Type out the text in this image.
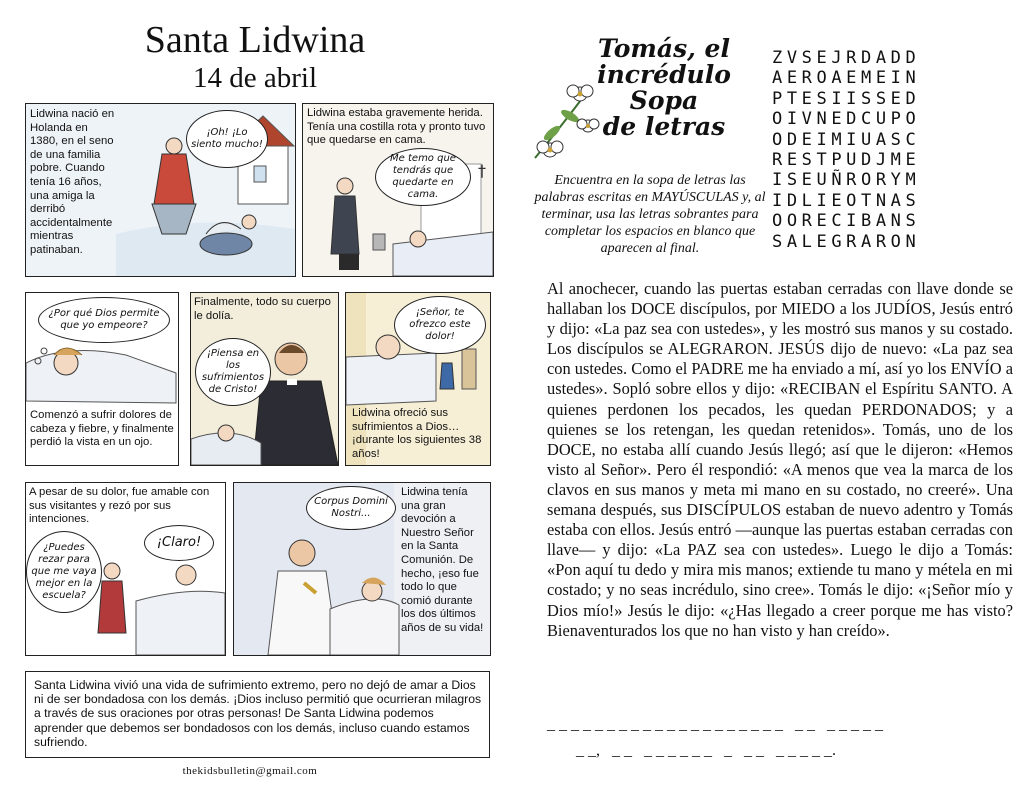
Santa Lidwina
14 de abril
Lidwina nació en Holanda en 1380, en el seno de una familia pobre. Cuando tenía 16 años, una amiga la derribó accidentalmente mientras patinaban.
¡Oh! ¡Lo siento mucho!
†
Lidwina estaba gravemente herida. Tenía una costilla rota y pronto tuvo que quedarse en cama.
Me temo que tendrás que quedarte en cama.
¿Por qué Dios permite que yo empeore?
Comenzó a sufrir dolores de cabeza y fiebre, y finalmente perdió la vista en un ojo.
Finalmente, todo su cuerpo le dolía.
¡Piensa en los sufrimientos de Cristo!
¡Señor, te ofrezco este dolor!
Lidwina ofreció sus sufrimientos a Dios… ¡durante los siguientes 38 años!
A pesar de su dolor, fue amable con sus visitantes y rezó por sus intenciones.
¿Puedes rezar para que me vaya mejor en la escuela?
¡Claro!
Corpus Domini Nostri...
Lidwina tenía una gran devoción a Nuestro Señor en la Santa Comunión. De hecho, ¡eso fue todo lo que comió durante los dos últimos años de su vida!
Santa Lidwina vivió una vida de sufrimiento extremo, pero no dejó de amar a Dios ni de ser bondadosa con los demás. ¡Dios incluso permitió que ocurrieran milagros a través de sus oraciones por otras personas! De Santa Lidwina podemos aprender que debemos ser bondadosos con los demás, incluso cuando estamos sufriendo.
thekidsbulletin@gmail.com
Tomás, el
incrédulo
Sopa
de letras
Encuentra en la sopa de letras las palabras escritas en MAYÚSCULAS y, al terminar, usa las letras sobrantes para completar los espacios en blanco que aparecen al final.
ZVSEJRDADD
AEROAEMEIN
PTESIISSED
OIVNEDCUPO
ODEIMIUASC
RESTPUDJME
ISEUÑRORYM
IDLIEOTNAS
OORECIBANS
SALEGRARON
Al anochecer, cuando las puertas estaban cerradas con llave donde se hallaban los DOCE discípulos, por MIEDO a los JUDÍOS, Jesús entró y dijo: «La paz sea con ustedes», y les mostró sus manos y su costado. Los discípulos se ALEGRARON. JESÚS dijo de nuevo: «La paz sea con ustedes. Como el PADRE me ha enviado a mí, así yo los ENVÍO a ustedes». Sopló sobre ellos y dijo: «RECIBAN el Espíritu SANTO. A quienes perdonen los pecados, les quedan PERDONADOS; y a quienes se los retengan, les quedan retenidos». Tomás, uno de los DOCE, no estaba allí cuando Jesús llegó; así que le dijeron: «Hemos visto al Señor». Pero él respondió: «A menos que vea la marca de los clavos en sus manos y meta mi mano en su costado, no creeré». Una semana después, sus DISCÍPULOS estaban de nuevo adentro y Tomás estaba con ellos. Jesús entró —aunque las puertas estaban cerradas con llave— y dijo: «La PAZ sea con ustedes». Luego le dijo a Tomás: «Pon aquí tu dedo y mira mis manos; extiende tu mano y métela en mi costado; y no seas incrédulo, sino cree». Tomás le dijo: «¡Señor mío y Dios mío!» Jesús le dijo: «¿Has llegado a creer porque me has visto? Bienaventurados los que no han visto y han creído».
_ _ _ _ _ _ _ _ _ _ _ _ _ _ _ _ _ _ _ _   _ _   _ _ _ _ _
_ _,   _ _   _ _ _ _ _ _   _   _ _   _ _ _ _ _.
